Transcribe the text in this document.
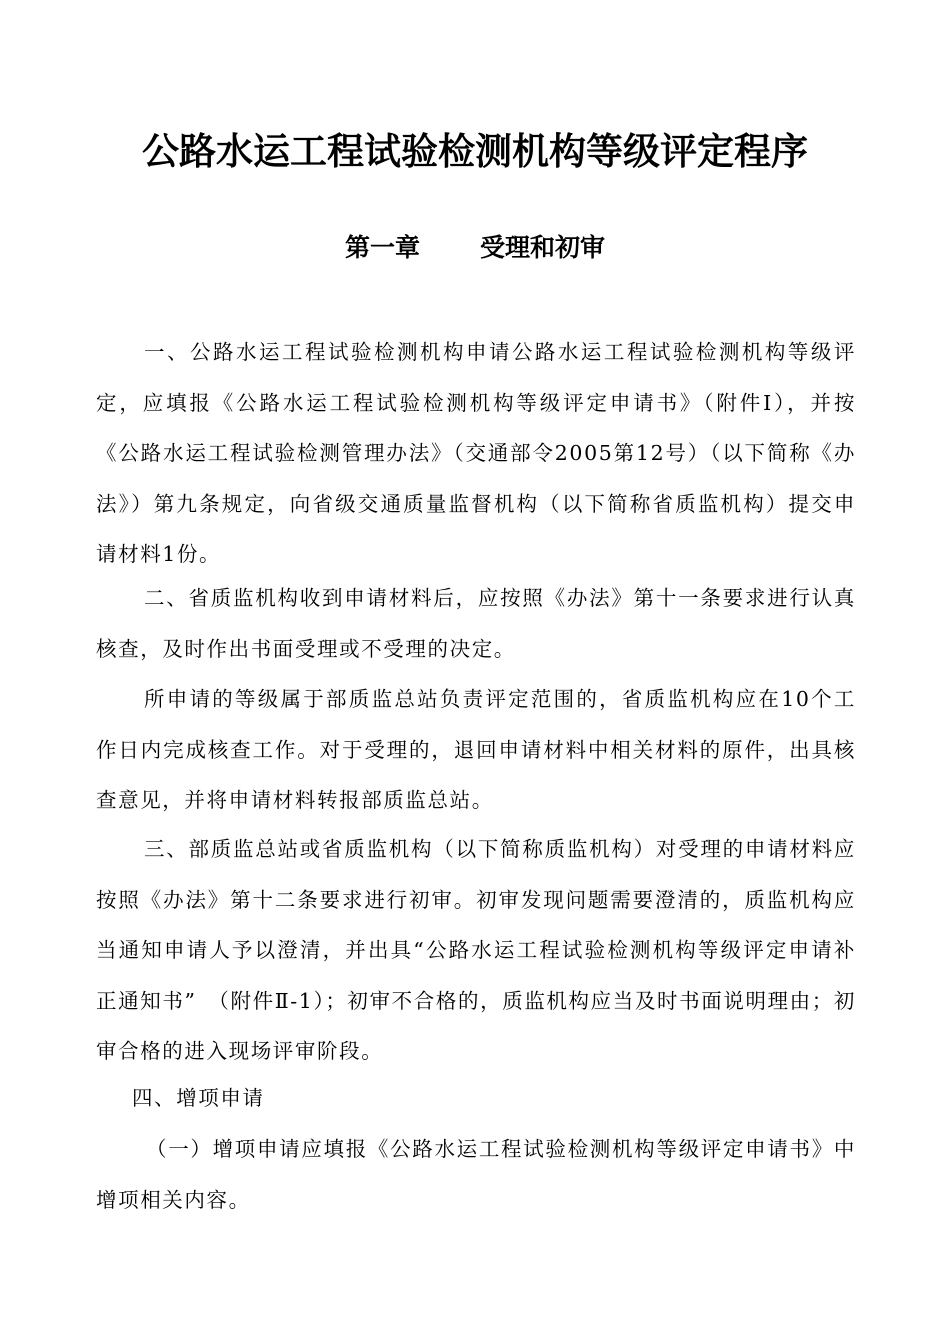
公路水运工程试验检测机构等级评定程序
第一章 受理和初审

一、公路水运工程试验检测机构申请公路水运工程试验检测机构等级评定，应填报《公路水运工程试验检测机构等级评定申请书》（附件Ⅰ），并按《公路水运工程试验检测管理办法》（交通部令2005第12号）（以下简称《办法》）第九条规定，向省级交通质量监督机构（以下简称省质监机构）提交申请材料1份。

二、省质监机构收到申请材料后，应按照《办法》第十一条要求进行认真核查，及时作出书面受理或不受理的决定。

所申请的等级属于部质监总站负责评定范围的，省质监机构应在10个工作日内完成核查工作。对于受理的，退回申请材料中相关材料的原件，出具核查意见，并将申请材料转报部质监总站。

三、部质监总站或省质监机构（以下简称质监机构）对受理的申请材料应按照《办法》第十二条要求进行初审。初审发现问题需要澄清的，质监机构应当通知申请人予以澄清，并出具“公路水运工程试验检测机构等级评定申请补正通知书”　（附件Ⅱ-1）；初审不合格的，质监机构应当及时书面说明理由；初审合格的进入现场评审阶段。

四、增项申请

（一）增项申请应填报《公路水运工程试验检测机构等级评定申请书》中增项相关内容。
